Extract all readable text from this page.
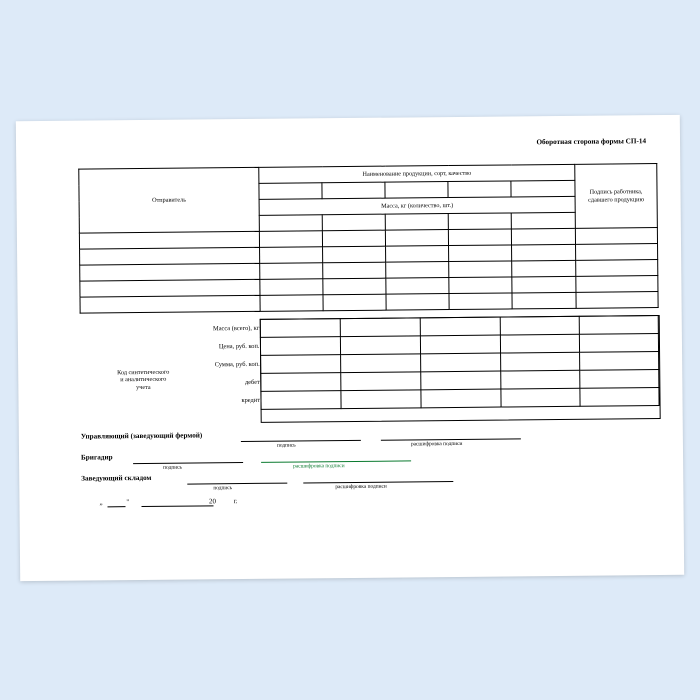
Оборотная сторона формы СП-14
Отправитель	Наименование продукции, сорт, качество					Подпись работника, сдавшего продукцию

	Масса, кг (количество, шт.)					

Масса (всего), кг					
Цена, руб. коп.					
Сумма, руб. коп.					

Код синтетического
и аналитического
учета
дебет					
кредит					
Управляющий (заведующий фермой)
подпись	расшифровка подписи
Бригадир
подпись	расшифровка подписи
Заведующий складом
подпись	расшифровка подписи
„	"	20	г.
